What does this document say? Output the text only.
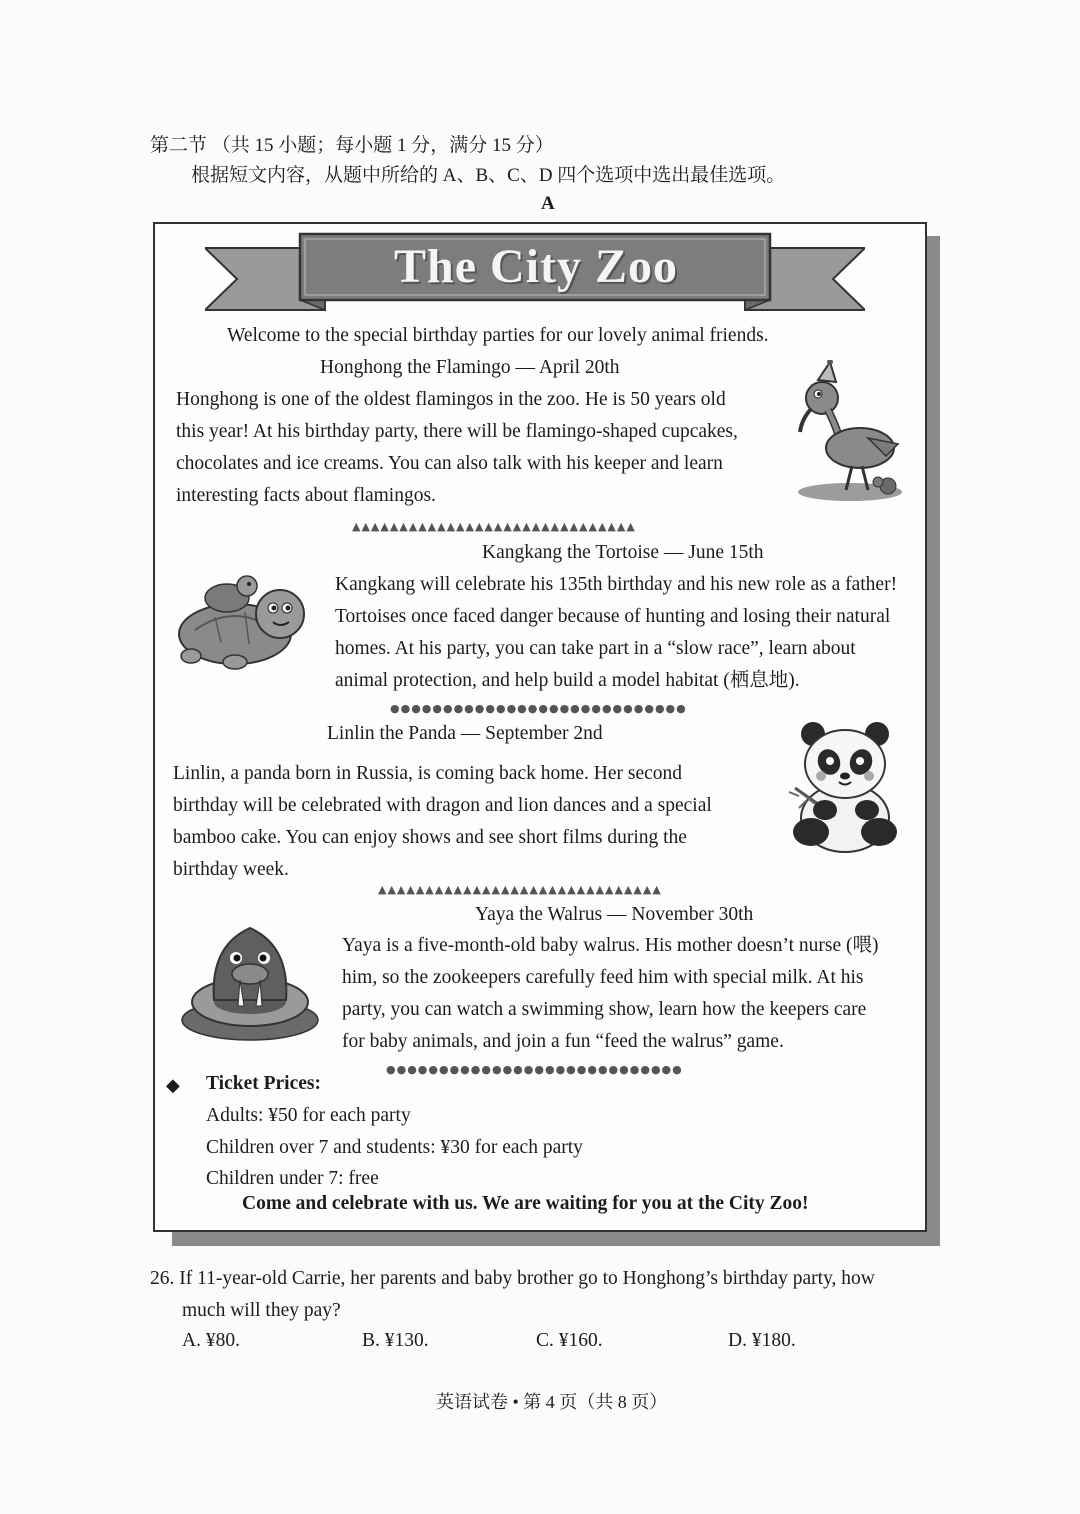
第二节 （共 15 小题；每小题 1 分，满分 15 分）
根据短文内容，从题中所给的 A、B、C、D 四个选项中选出最佳选项。
A
The City Zoo
Welcome to the special birthday parties for our lovely animal friends.
Honghong the Flamingo — April 20th
Honghong is one of the oldest flamingos in the zoo. He is 50 years old
this year! At his birthday party, there will be flamingo-shaped cupcakes,
chocolates and ice creams. You can also talk with his keeper and learn
interesting facts about flamingos.
▲▲▲▲▲▲▲▲▲▲▲▲▲▲▲▲▲▲▲▲▲▲▲▲▲▲▲▲▲▲
Kangkang the Tortoise — June 15th
Kangkang will celebrate his 135th birthday and his new role as a father!
Tortoises once faced danger because of hunting and losing their natural
homes. At his party, you can take part in a “slow race”, learn about
animal protection, and help build a model habitat (栖息地).
●●●●●●●●●●●●●●●●●●●●●●●●●●●●
Linlin the Panda — September 2nd
Linlin, a panda born in Russia, is coming back home. Her second
birthday will be celebrated with dragon and lion dances and a special
bamboo cake. You can enjoy shows and see short films during the
birthday week.
▲▲▲▲▲▲▲▲▲▲▲▲▲▲▲▲▲▲▲▲▲▲▲▲▲▲▲▲▲▲
Yaya the Walrus — November 30th
Yaya is a five-month-old baby walrus. His mother doesn’t nurse (喂)
him, so the zookeepers carefully feed him with special milk. At his
party, you can watch a swimming show, learn how the keepers care
for baby animals, and join a fun “feed the walrus” game.
●●●●●●●●●●●●●●●●●●●●●●●●●●●●
◆ Ticket Prices:
Adults: ¥50 for each party
Children over 7 and students: ¥30 for each party
Children under 7: free
Come and celebrate with us. We are waiting for you at the City Zoo!
26. If 11-year-old Carrie, her parents and baby brother go to Honghong’s birthday party, how
much will they pay?
A. ¥80.	B. ¥130.	C. ¥160.	D. ¥180.
英语试卷 • 第 4 页（共 8 页）
